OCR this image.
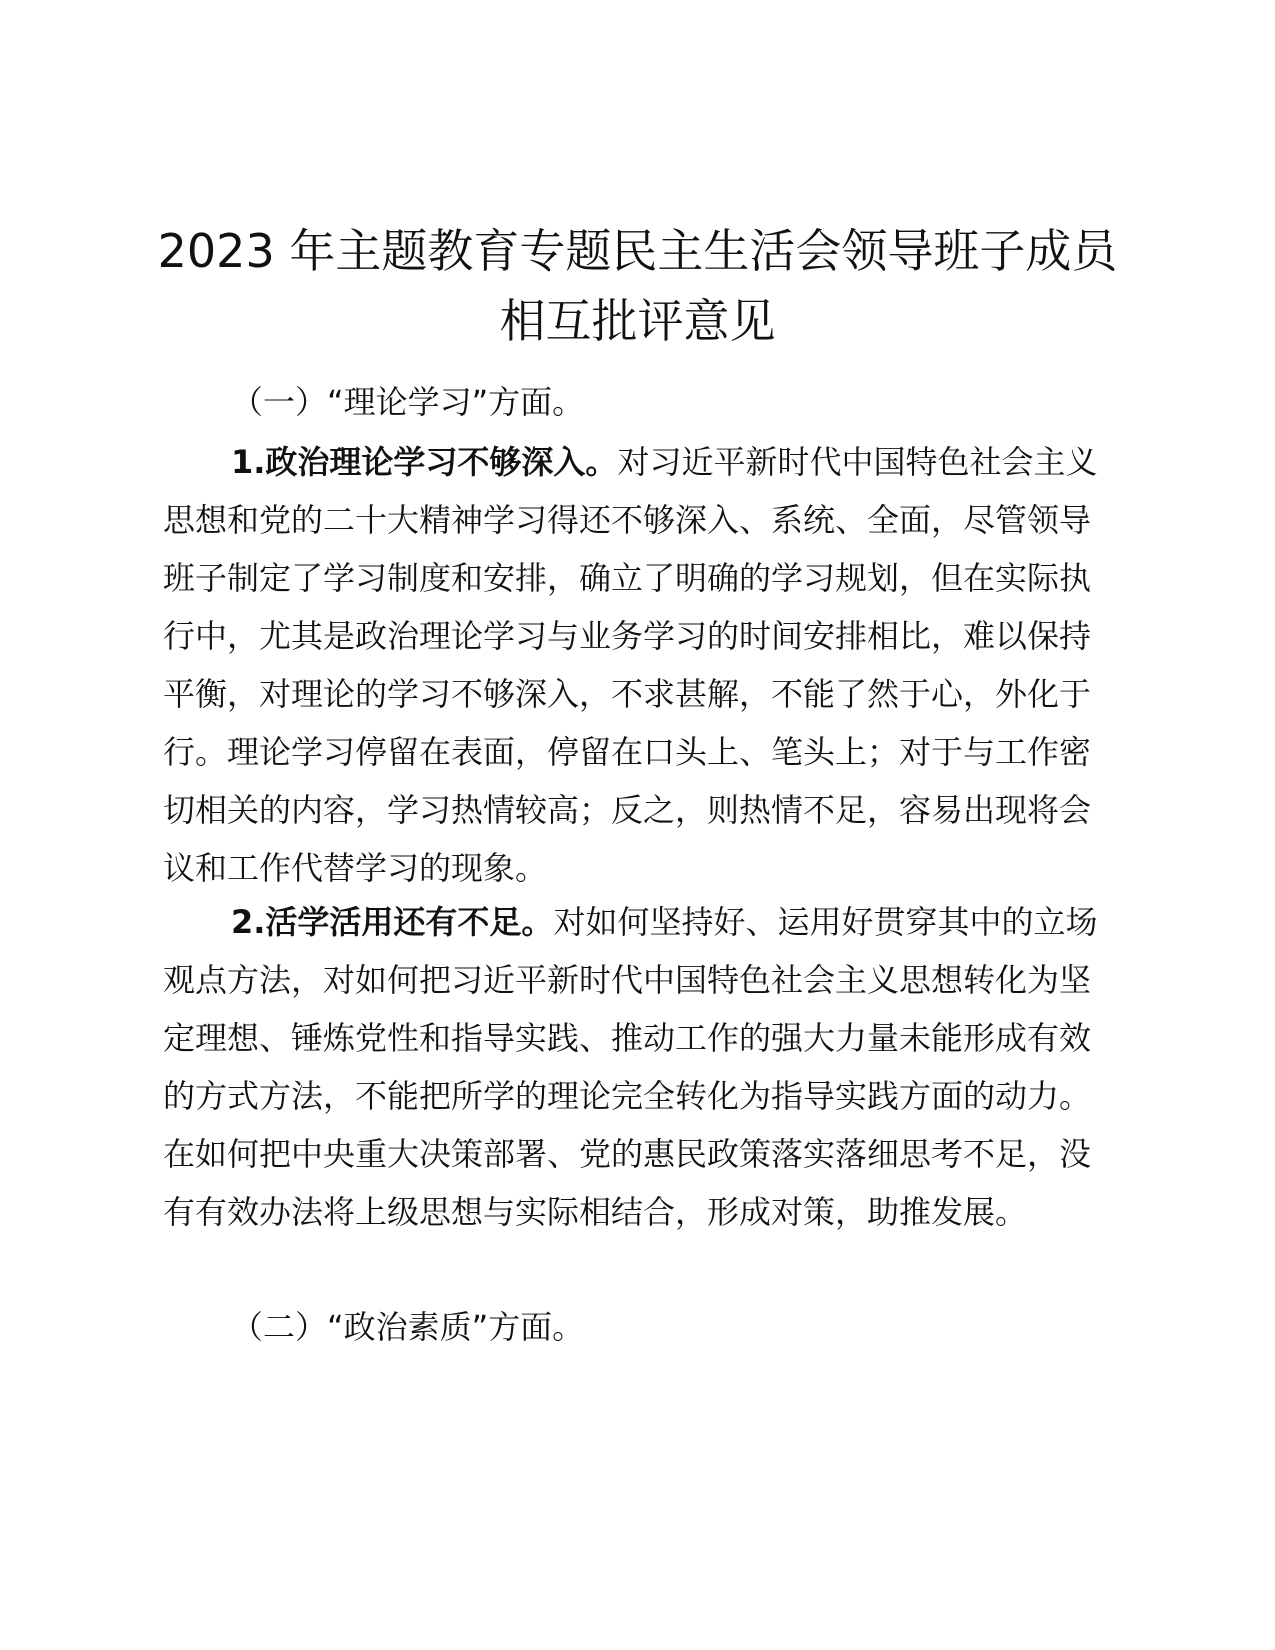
2023 年主题教育专题民主生活会领导班子成员
相互批评意见

（一）“理论学习”方面。

1.政治理论学习不够深入。对习近平新时代中国特色社会主义思想和党的二十大精神学习得还不够深入、系统、全面，尽管领导班子制定了学习制度和安排，确立了明确的学习规划，但在实际执行中，尤其是政治理论学习与业务学习的时间安排相比，难以保持平衡，对理论的学习不够深入，不求甚解，不能了然于心，外化于行。理论学习停留在表面，停留在口头上、笔头上；对于与工作密切相关的内容，学习热情较高；反之，则热情不足，容易出现将会议和工作代替学习的现象。

2.活学活用还有不足。对如何坚持好、运用好贯穿其中的立场观点方法，对如何把习近平新时代中国特色社会主义思想转化为坚定理想、锤炼党性和指导实践、推动工作的强大力量未能形成有效的方式方法，不能把所学的理论完全转化为指导实践方面的动力。在如何把中央重大决策部署、党的惠民政策落实落细思考不足，没有有效办法将上级思想与实际相结合，形成对策，助推发展。

（二）“政治素质”方面。
